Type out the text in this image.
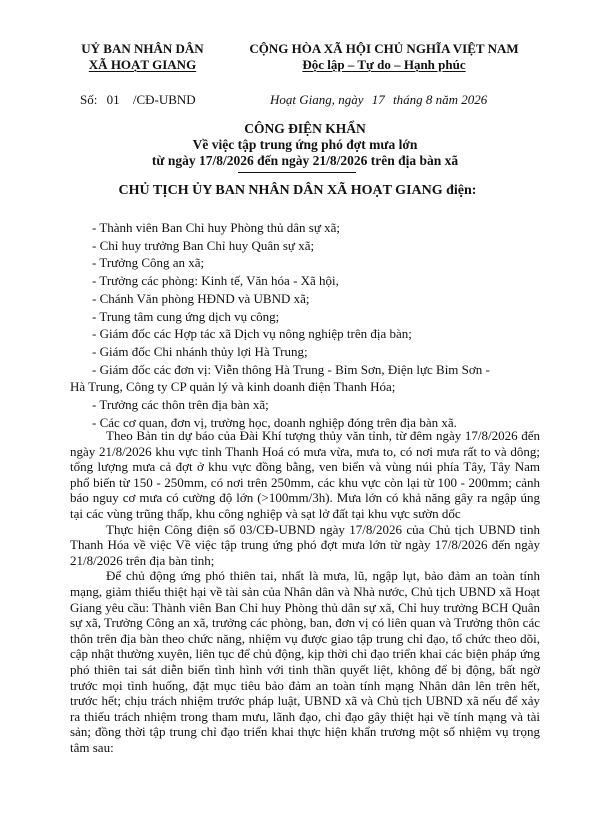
UỶ BAN NHÂN DÂN
XÃ HOẠT GIANG
CỘNG HÒA XÃ HỘI CHỦ NGHĨA VIỆT NAM
Độc lập – Tự do – Hạnh phúc
Số: 01 /CĐ-UBND	Hoạt Giang, ngày 17 tháng 8 năm 2026
CÔNG ĐIỆN KHẨN
Về việc tập trung ứng phó đợt mưa lớn
từ ngày 17/8/2026 đến ngày 21/8/2026 trên địa bàn xã
CHỦ TỊCH ỦY BAN NHÂN DÂN XÃ HOẠT GIANG điện:
- Thành viên Ban Chỉ huy Phòng thủ dân sự xã;
- Chỉ huy trưởng Ban Chỉ huy Quân sự xã;
- Trưởng Công an xã;
- Trưởng các phòng: Kinh tế, Văn hóa - Xã hội,
- Chánh Văn phòng HĐND và UBND xã;
- Trung tâm cung ứng dịch vụ công;
- Giám đốc các Hợp tác xã Dịch vụ nông nghiệp trên địa bàn;
- Giám đốc Chi nhánh thủy lợi Hà Trung;
- Giám đốc các đơn vị: Viễn thông Hà Trung - Bỉm Sơn, Điện lực Bỉm Sơn -
Hà Trung, Công ty CP quản lý và kinh doanh điện Thanh Hóa;
- Trưởng các thôn trên địa bàn xã;
- Các cơ quan, đơn vị, trường học, doanh nghiệp đóng trên địa bàn xã.

Theo Bản tin dự báo của Đài Khí tượng thủy văn tỉnh, từ đêm ngày 17/8/2026 đến ngày 21/8/2026 khu vực tỉnh Thanh Hoá có mưa vừa, mưa to, có nơi mưa rất to và dông; tổng lượng mưa cả đợt ở khu vực đồng bằng, ven biển và vùng núi phía Tây, Tây Nam phổ biến từ 150 - 250mm, có nơi trên 250mm, các khu vực còn lại từ 100 - 200mm; cảnh báo nguy cơ mưa có cường độ lớn (>100mm/3h). Mưa lớn có khả năng gây ra ngập úng tại các vùng trũng thấp, khu công nghiệp và sạt lở đất tại khu vực sườn dốc

Thực hiện Công điện số 03/CĐ-UBND ngày 17/8/2026 của Chủ tịch UBND tỉnh Thanh Hóa về việc Về việc tập trung ứng phó đợt mưa lớn từ ngày 17/8/2026 đến ngày 21/8/2026 trên địa bàn tỉnh;

Để chủ động ứng phó thiên tai, nhất là mưa, lũ, ngập lụt, bảo đảm an toàn tính mạng, giảm thiểu thiệt hại về tài sản của Nhân dân và Nhà nước, Chủ tịch UBND xã Hoạt Giang yêu cầu: Thành viên Ban Chỉ huy Phòng thủ dân sự xã, Chỉ huy trưởng BCH Quân sự xã, Trưởng Công an xã, trưởng các phòng, ban, đơn vị có liên quan và Trưởng thôn các thôn trên địa bàn theo chức năng, nhiệm vụ được giao tập trung chỉ đạo, tổ chức theo dõi, cập nhật thường xuyên, liên tục để chủ động, kịp thời chỉ đạo triển khai các biện pháp ứng phó thiên tai sát diễn biến tình hình với tinh thần quyết liệt, không để bị động, bất ngờ trước mọi tình huống, đặt mục tiêu bảo đảm an toàn tính mạng Nhân dân lên trên hết, trước hết; chịu trách nhiệm trước pháp luật, UBND xã và Chủ tịch UBND xã nếu để xảy ra thiếu trách nhiệm trong tham mưu, lãnh đạo, chỉ đạo gây thiệt hại về tính mạng và tài sản; đồng thời tập trung chỉ đạo triển khai thực hiện khẩn trương một số nhiệm vụ trọng tâm sau:
